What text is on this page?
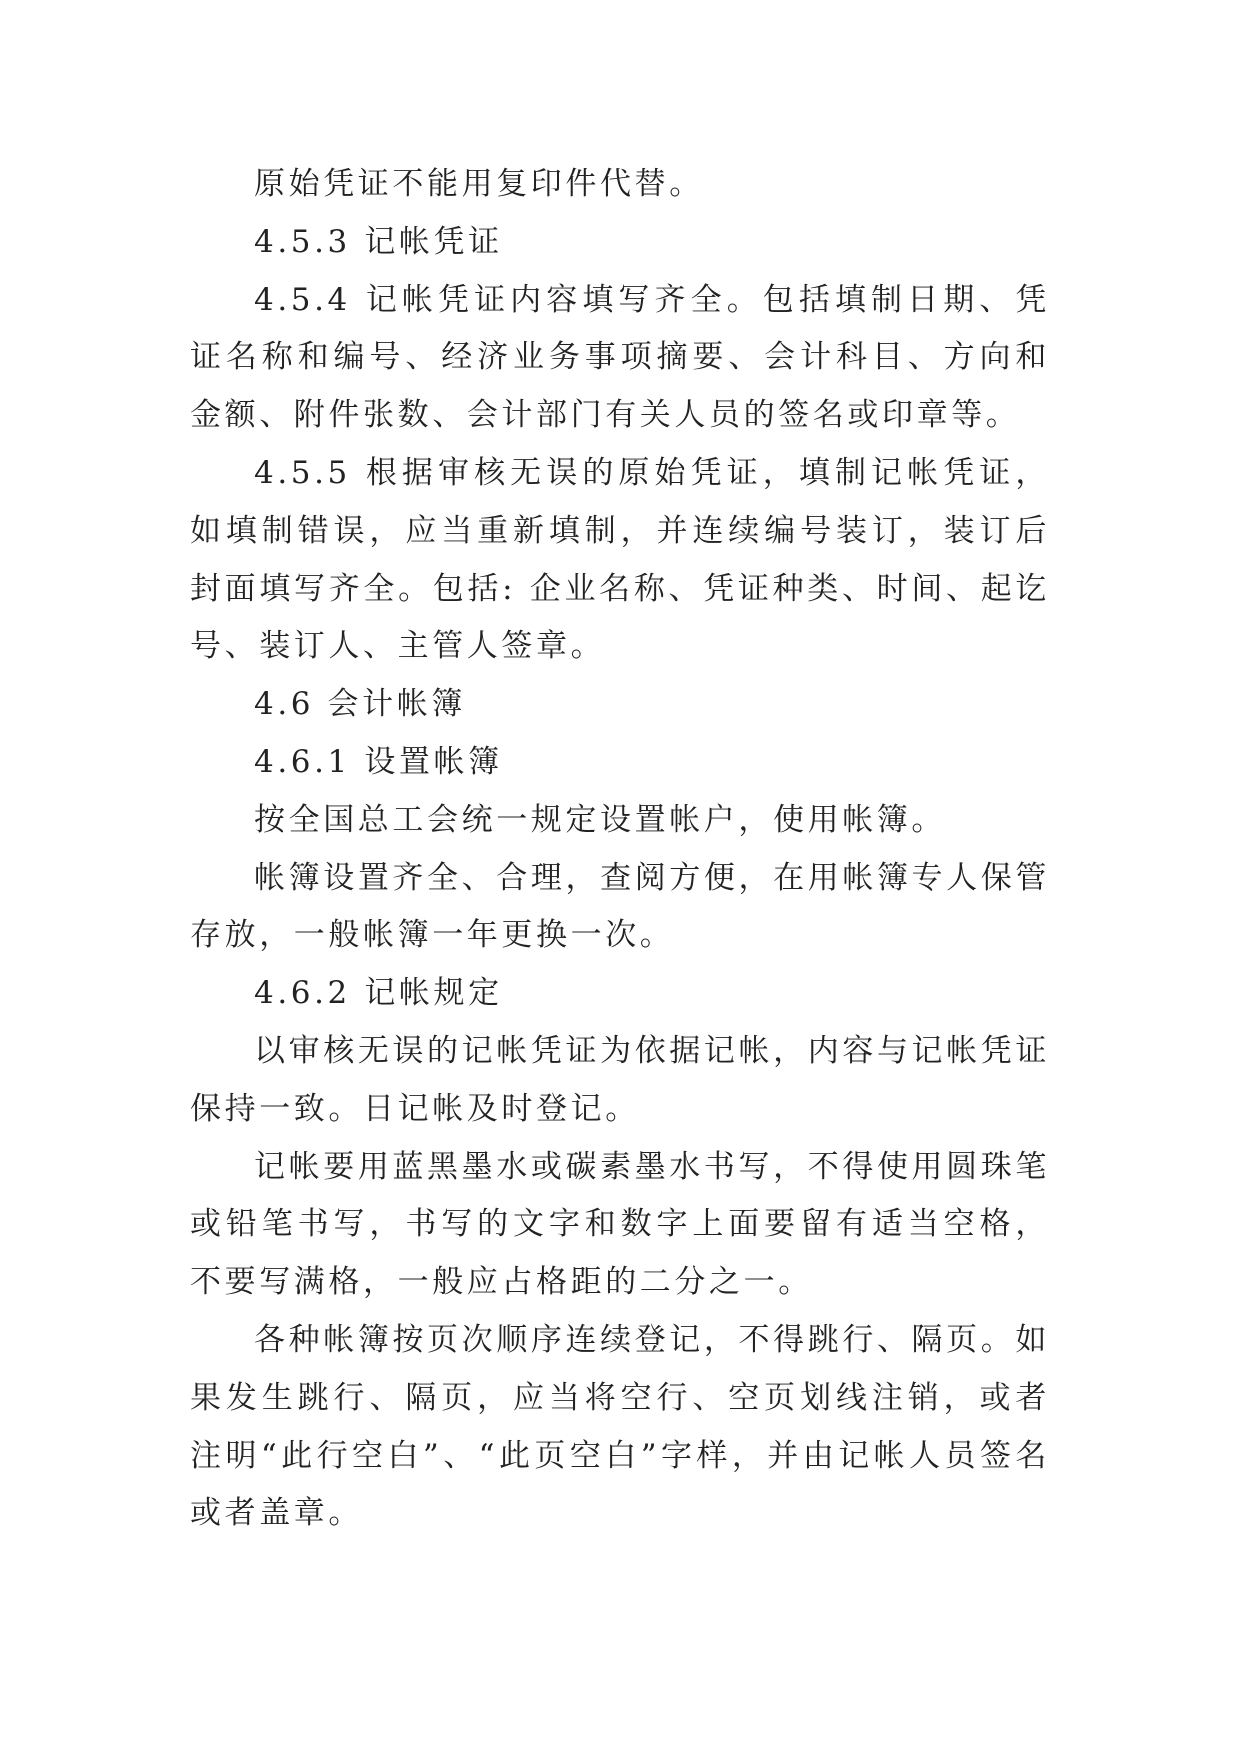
原始凭证不能用复印件代替。

4.5.3 记帐凭证

4.5.4 记帐凭证内容填写齐全。包括填制日期、凭证名称和编号、经济业务事项摘要、会计科目、方向和金额、附件张数、会计部门有关人员的签名或印章等。

4.5.5 根据审核无误的原始凭证，填制记帐凭证，如填制错误，应当重新填制，并连续编号装订，装订后封面填写齐全。包括: 企业名称、凭证种类、时间、起讫号、装订人、主管人签章。

4.6 会计帐簿

4.6.1 设置帐簿

按全国总工会统一规定设置帐户，使用帐簿。

帐簿设置齐全、合理，查阅方便，在用帐簿专人保管存放，一般帐簿一年更换一次。

4.6.2 记帐规定

以审核无误的记帐凭证为依据记帐，内容与记帐凭证保持一致。日记帐及时登记。

记帐要用蓝黑墨水或碳素墨水书写，不得使用圆珠笔或铅笔书写，书写的文字和数字上面要留有适当空格，不要写满格，一般应占格距的二分之一。

各种帐簿按页次顺序连续登记，不得跳行、隔页。如果发生跳行、隔页，应当将空行、空页划线注销，或者注明“此行空白”、“此页空白”字样，并由记帐人员签名或者盖章。
